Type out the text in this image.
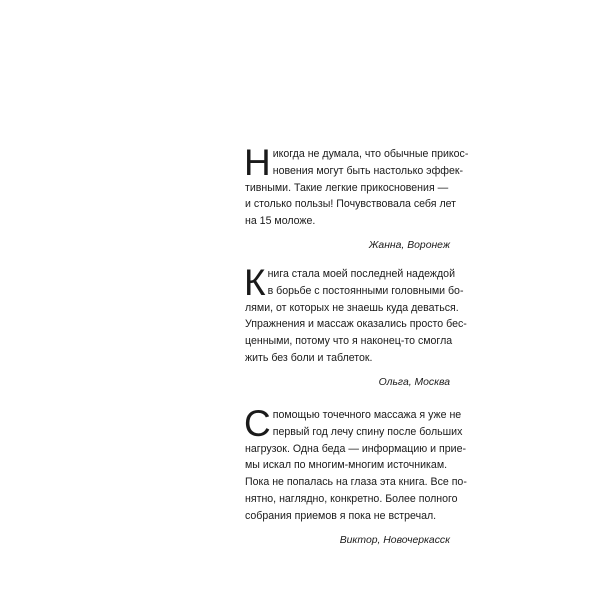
Н икогда не думала, что обычные прикос-
новения могут быть настолько эффек-
тивными. Такие легкие прикосновения —
и столько пользы! Почувствовала себя лет
на 15 моложе.
Жанна, Воронеж
К нига стала моей последней надеждой
в борьбе с постоянными головными бо-
лями, от которых не знаешь куда деваться.
Упражнения и массаж оказались просто бес-
ценными, потому что я наконец-то смогла
жить без боли и таблеток.
Ольга, Москва
С помощью точечного массажа я уже не
первый год лечу спину после больших
нагрузок. Одна беда — информацию и прие-
мы искал по многим-многим источникам.
Пока не попалась на глаза эта книга. Все по-
нятно, наглядно, конкретно. Более полного
собрания приемов я пока не встречал.
Виктор, Новочеркасск
